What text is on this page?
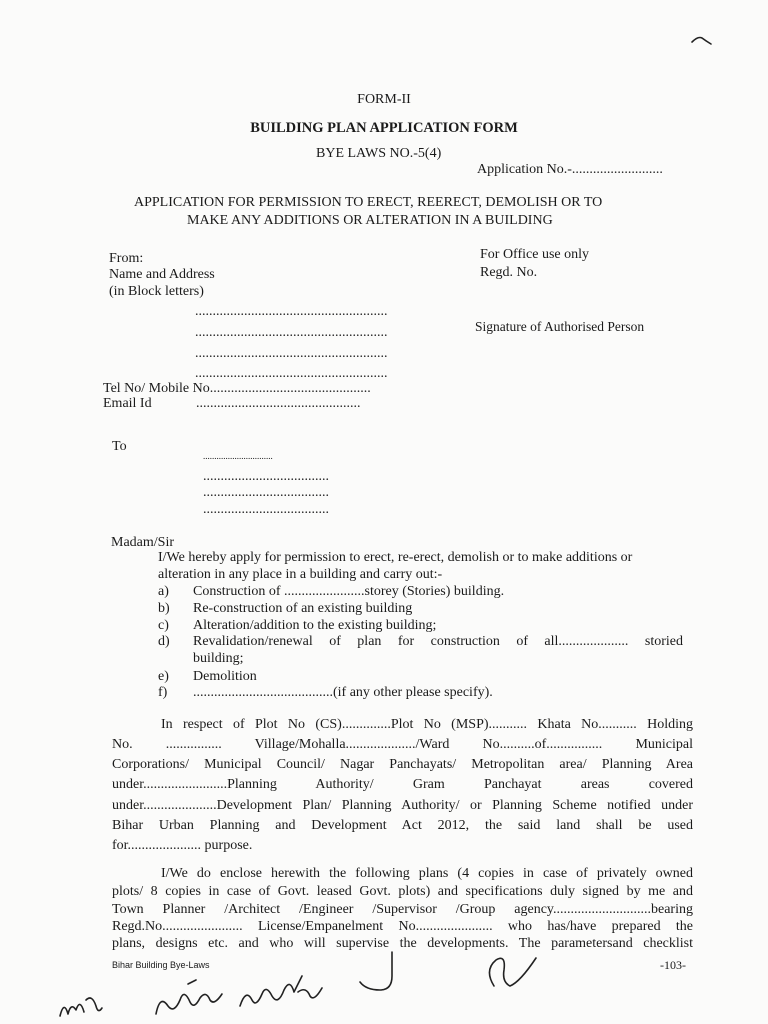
FORM-II
BUILDING PLAN APPLICATION FORM
BYE LAWS NO.-5(4)
Application No.-..........................
APPLICATION FOR PERMISSION TO ERECT, REERECT, DEMOLISH OR TO
MAKE ANY ADDITIONS OR ALTERATION IN A BUILDING
From:
Name and Address
(in Block letters)
.......................................................
.......................................................
.......................................................
.......................................................
Tel No/ Mobile No..............................................
Email Id	...............................................
For Office use only
Regd. No.
Signature of Authorised Person
To
...............................
....................................
....................................
....................................
Madam/Sir
I/We hereby apply for permission to erect, re-erect, demolish or to make additions or
alteration in any place in a building and carry out:-
a) Construction of .......................storey (Stories) building.
b) Re-construction of an existing building
c) Alteration/addition to the existing building;
d) Revalidation/renewal of plan for construction of all.................... storied
building;
e) Demolition
f) ........................................(if any other please specify).
In respect of Plot No (CS)..............Plot No (MSP)........... Khata No........... Holding
No. ................ Village/Mohalla..................../Ward No..........of................ Municipal
Corporations/ Municipal Council/ Nagar Panchayats/ Metropolitan area/ Planning Area
under........................Planning Authority/ Gram Panchayat areas covered
under.....................Development Plan/ Planning Authority/ or Planning Scheme notified under
Bihar Urban Planning and Development Act 2012, the said land shall be used
for..................... purpose.
I/We do enclose herewith the following plans (4 copies in case of privately owned
plots/ 8 copies in case of Govt. leased Govt. plots) and specifications duly signed by me and
Town Planner /Architect /Engineer /Supervisor /Group agency............................bearing
Regd.No....................... License/Empanelment No...................... who has/have prepared the
plans, designs etc. and who will supervise the developments. The parametersand checklist
Bihar Building Bye-Laws	-103-
